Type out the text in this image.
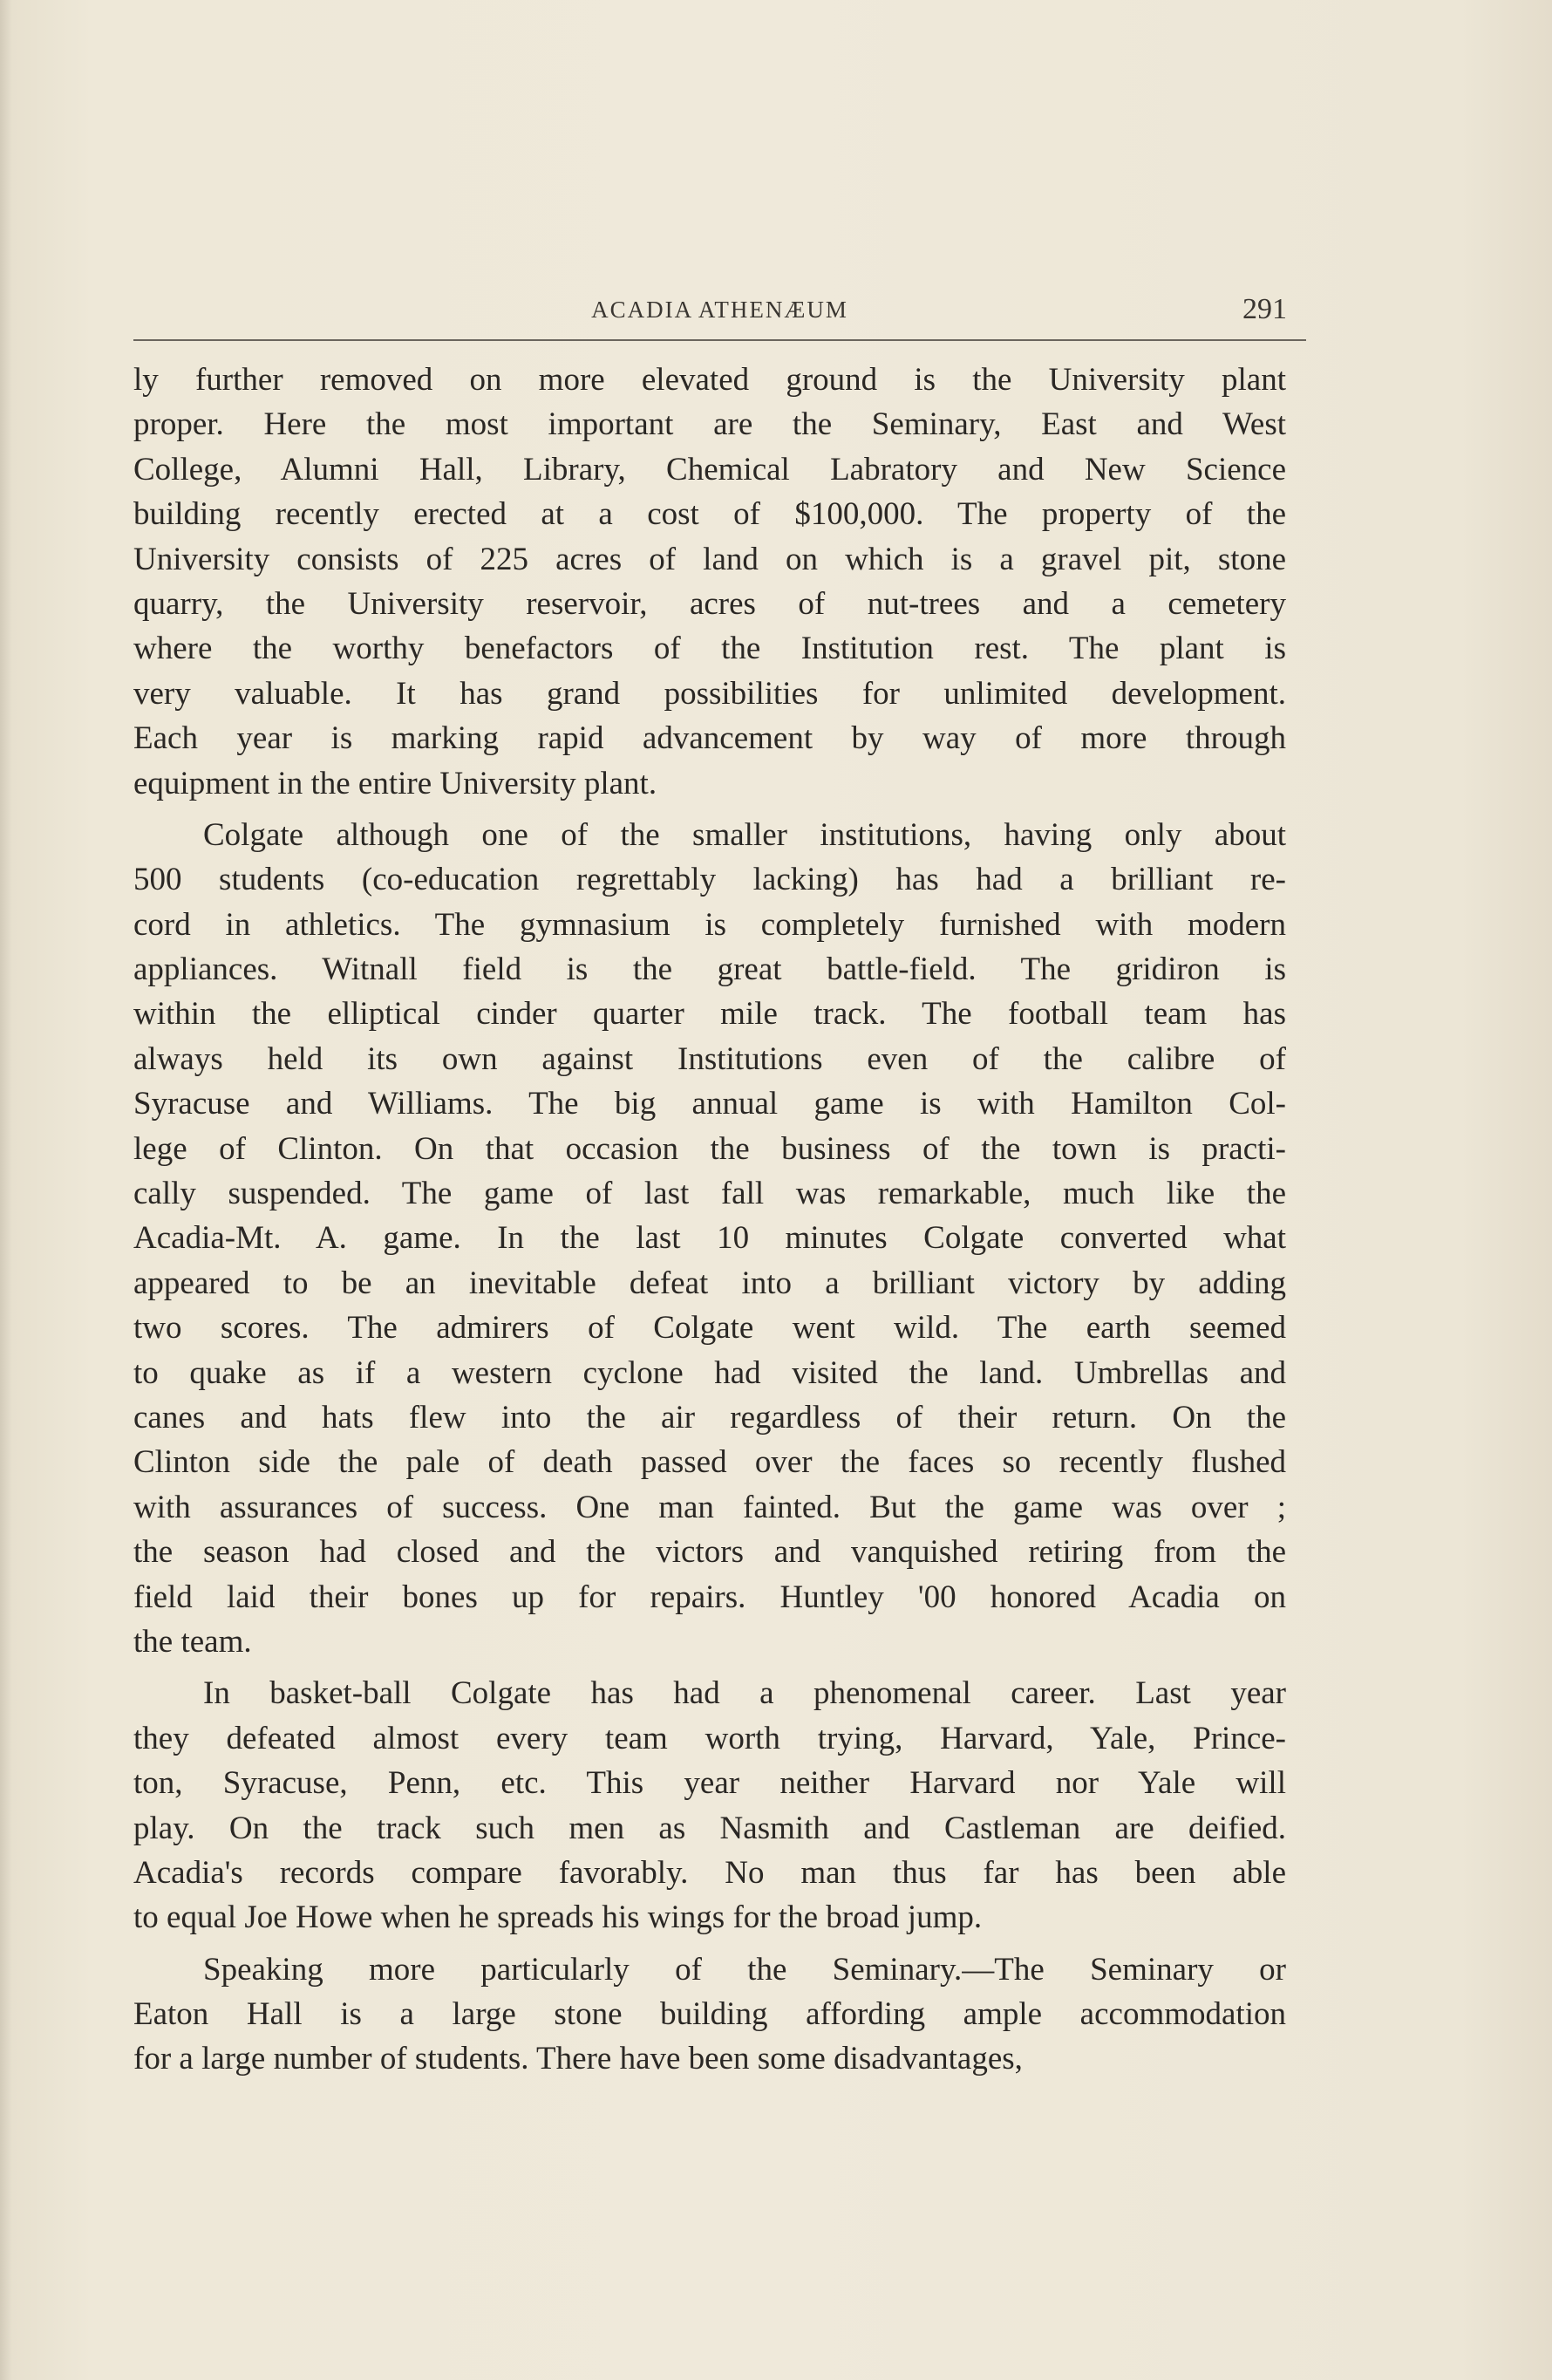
ACADIA ATHENÆUM	291
ly further removed on more elevated ground is the University plant
proper. Here the most important are the Seminary, East and West
College, Alumni Hall, Library, Chemical Labratory and New Science
building recently erected at a cost of $100,000. The property of the
University consists of 225 acres of land on which is a gravel pit, stone
quarry, the University reservoir, acres of nut-trees and a cemetery
where the worthy benefactors of the Institution rest. The plant is
very valuable. It has grand possibilities for unlimited development.
Each year is marking rapid advancement by way of more through
equipment in the entire University plant.
Colgate although one of the smaller institutions, having only about
500 students (co-education regrettably lacking) has had a brilliant re-
cord in athletics. The gymnasium is completely furnished with modern
appliances. Witnall field is the great battle-field. The gridiron is
within the elliptical cinder quarter mile track. The football team has
always held its own against Institutions even of the calibre of
Syracuse and Williams. The big annual game is with Hamilton Col-
lege of Clinton. On that occasion the business of the town is practi-
cally suspended. The game of last fall was remarkable, much like the
Acadia-Mt. A. game. In the last 10 minutes Colgate converted what
appeared to be an inevitable defeat into a brilliant victory by adding
two scores. The admirers of Colgate went wild. The earth seemed
to quake as if a western cyclone had visited the land. Umbrellas and
canes and hats flew into the air regardless of their return. On the
Clinton side the pale of death passed over the faces so recently flushed
with assurances of success. One man fainted. But the game was over ;
the season had closed and the victors and vanquished retiring from the
field laid their bones up for repairs. Huntley '00 honored Acadia on
the team.
In basket-ball Colgate has had a phenomenal career. Last year
they defeated almost every team worth trying, Harvard, Yale, Prince-
ton, Syracuse, Penn, etc. This year neither Harvard nor Yale will
play. On the track such men as Nasmith and Castleman are deified.
Acadia's records compare favorably. No man thus far has been able
to equal Joe Howe when he spreads his wings for the broad jump.
Speaking more particularly of the Seminary.—The Seminary or
Eaton Hall is a large stone building affording ample accommodation
for a large number of students. There have been some disadvantages,
